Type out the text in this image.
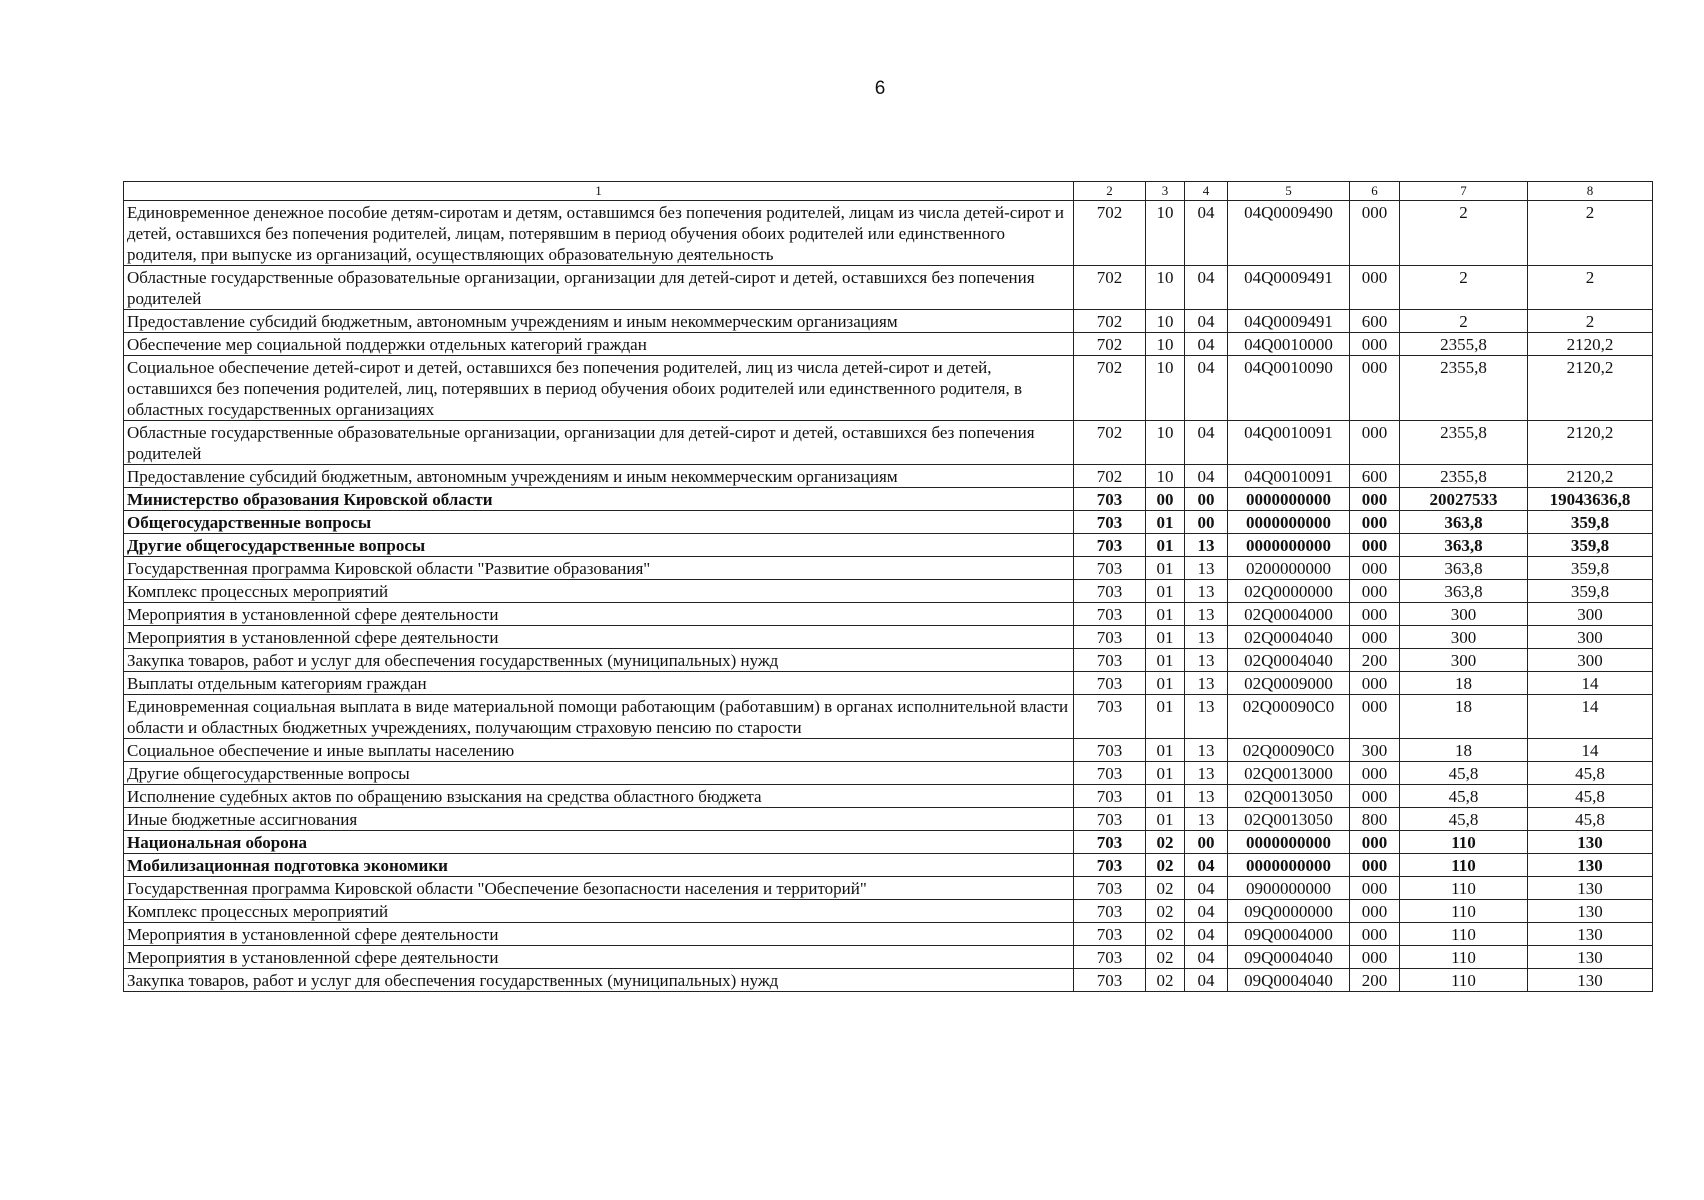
6
1	2	3	4	5	6	7	8
Единовременное денежное пособие детям-сиротам и детям, оставшимся без попечения родителей, лицам из числа детей-сирот и детей, оставшихся без попечения родителей, лицам, потерявшим в период обучения обоих родителей или единственного родителя, при выпуске из организаций, осуществляющих образовательную деятельность	702	10	04	04Q0009490	000	2	2
Областные государственные образовательные организации, организации для детей-сирот и детей, оставшихся без попечения родителей	702	10	04	04Q0009491	000	2	2
Предоставление субсидий бюджетным, автономным учреждениям и иным некоммерческим организациям	702	10	04	04Q0009491	600	2	2
Обеспечение мер социальной поддержки отдельных категорий граждан	702	10	04	04Q0010000	000	2355,8	2120,2
Социальное обеспечение детей-сирот и детей, оставшихся без попечения родителей, лиц из числа детей-сирот и детей, оставшихся без попечения родителей, лиц, потерявших в период обучения обоих родителей или единственного родителя, в областных государственных организациях	702	10	04	04Q0010090	000	2355,8	2120,2
Областные государственные образовательные организации, организации для детей-сирот и детей, оставшихся без попечения родителей	702	10	04	04Q0010091	000	2355,8	2120,2
Предоставление субсидий бюджетным, автономным учреждениям и иным некоммерческим организациям	702	10	04	04Q0010091	600	2355,8	2120,2
Министерство образования Кировской области	703	00	00	0000000000	000	20027533	19043636,8
Общегосударственные вопросы	703	01	00	0000000000	000	363,8	359,8
Другие общегосударственные вопросы	703	01	13	0000000000	000	363,8	359,8
Государственная программа Кировской области "Развитие образования"	703	01	13	0200000000	000	363,8	359,8
Комплекс процессных мероприятий	703	01	13	02Q0000000	000	363,8	359,8
Мероприятия в установленной сфере деятельности	703	01	13	02Q0004000	000	300	300
Мероприятия в установленной сфере деятельности	703	01	13	02Q0004040	000	300	300
Закупка товаров, работ и услуг для обеспечения государственных (муниципальных) нужд	703	01	13	02Q0004040	200	300	300
Выплаты отдельным категориям граждан	703	01	13	02Q0009000	000	18	14
Единовременная социальная выплата в виде материальной помощи работающим (работавшим) в органах исполнительной власти области и областных бюджетных учреждениях, получающим страховую пенсию по старости	703	01	13	02Q00090C0	000	18	14
Социальное обеспечение и иные выплаты населению	703	01	13	02Q00090C0	300	18	14
Другие общегосударственные вопросы	703	01	13	02Q0013000	000	45,8	45,8
Исполнение судебных актов по обращению взыскания на средства областного бюджета	703	01	13	02Q0013050	000	45,8	45,8
Иные бюджетные ассигнования	703	01	13	02Q0013050	800	45,8	45,8
Национальная оборона	703	02	00	0000000000	000	110	130
Мобилизационная подготовка экономики	703	02	04	0000000000	000	110	130
Государственная программа Кировской области "Обеспечение безопасности населения и территорий"	703	02	04	0900000000	000	110	130
Комплекс процессных мероприятий	703	02	04	09Q0000000	000	110	130
Мероприятия в установленной сфере деятельности	703	02	04	09Q0004000	000	110	130
Мероприятия в установленной сфере деятельности	703	02	04	09Q0004040	000	110	130
Закупка товаров, работ и услуг для обеспечения государственных (муниципальных) нужд	703	02	04	09Q0004040	200	110	130
